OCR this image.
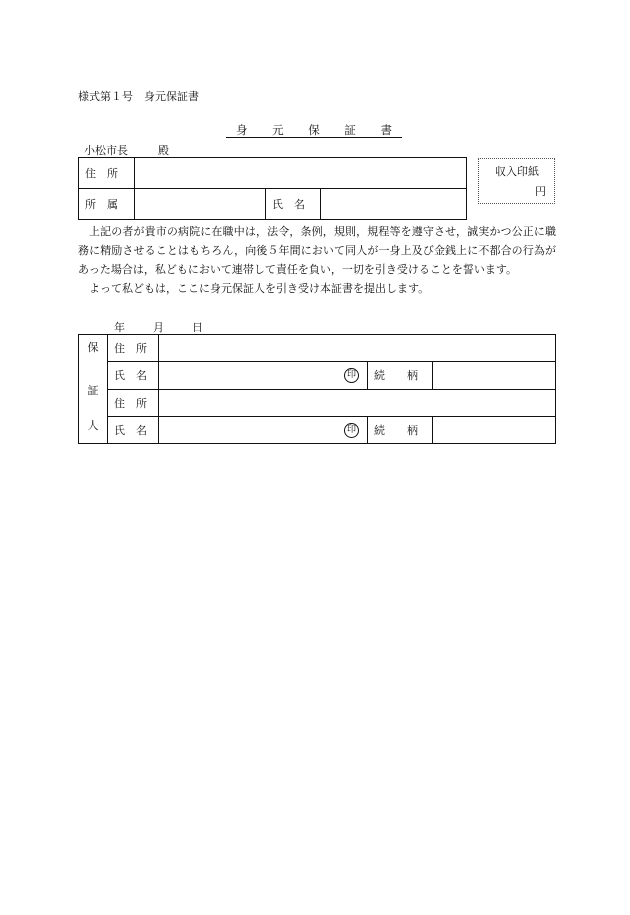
様式第１号　身元保証書
身 元 保 証 書
小松市長	殿
住　所			
所　属		氏　名	
収入印紙
円

上記の者が貴市の病院に在職中は，法令，条例，規則，規程等を遵守させ，誠実かつ公正に職務に精励させることはもちろん，向後５年間において同人が一身上及び金銭上に不都合の行為があった場合は，私どもにおいて連帯して責任を負い，一切を引き受けることを誓います。

よって私どもは，ここに身元保証人を引き受け本証書を提出します。

年	月	日
保
証
人	住　所			
	氏　名	印	続　　柄	
	住　所			
	氏　名	印	続　　柄	
